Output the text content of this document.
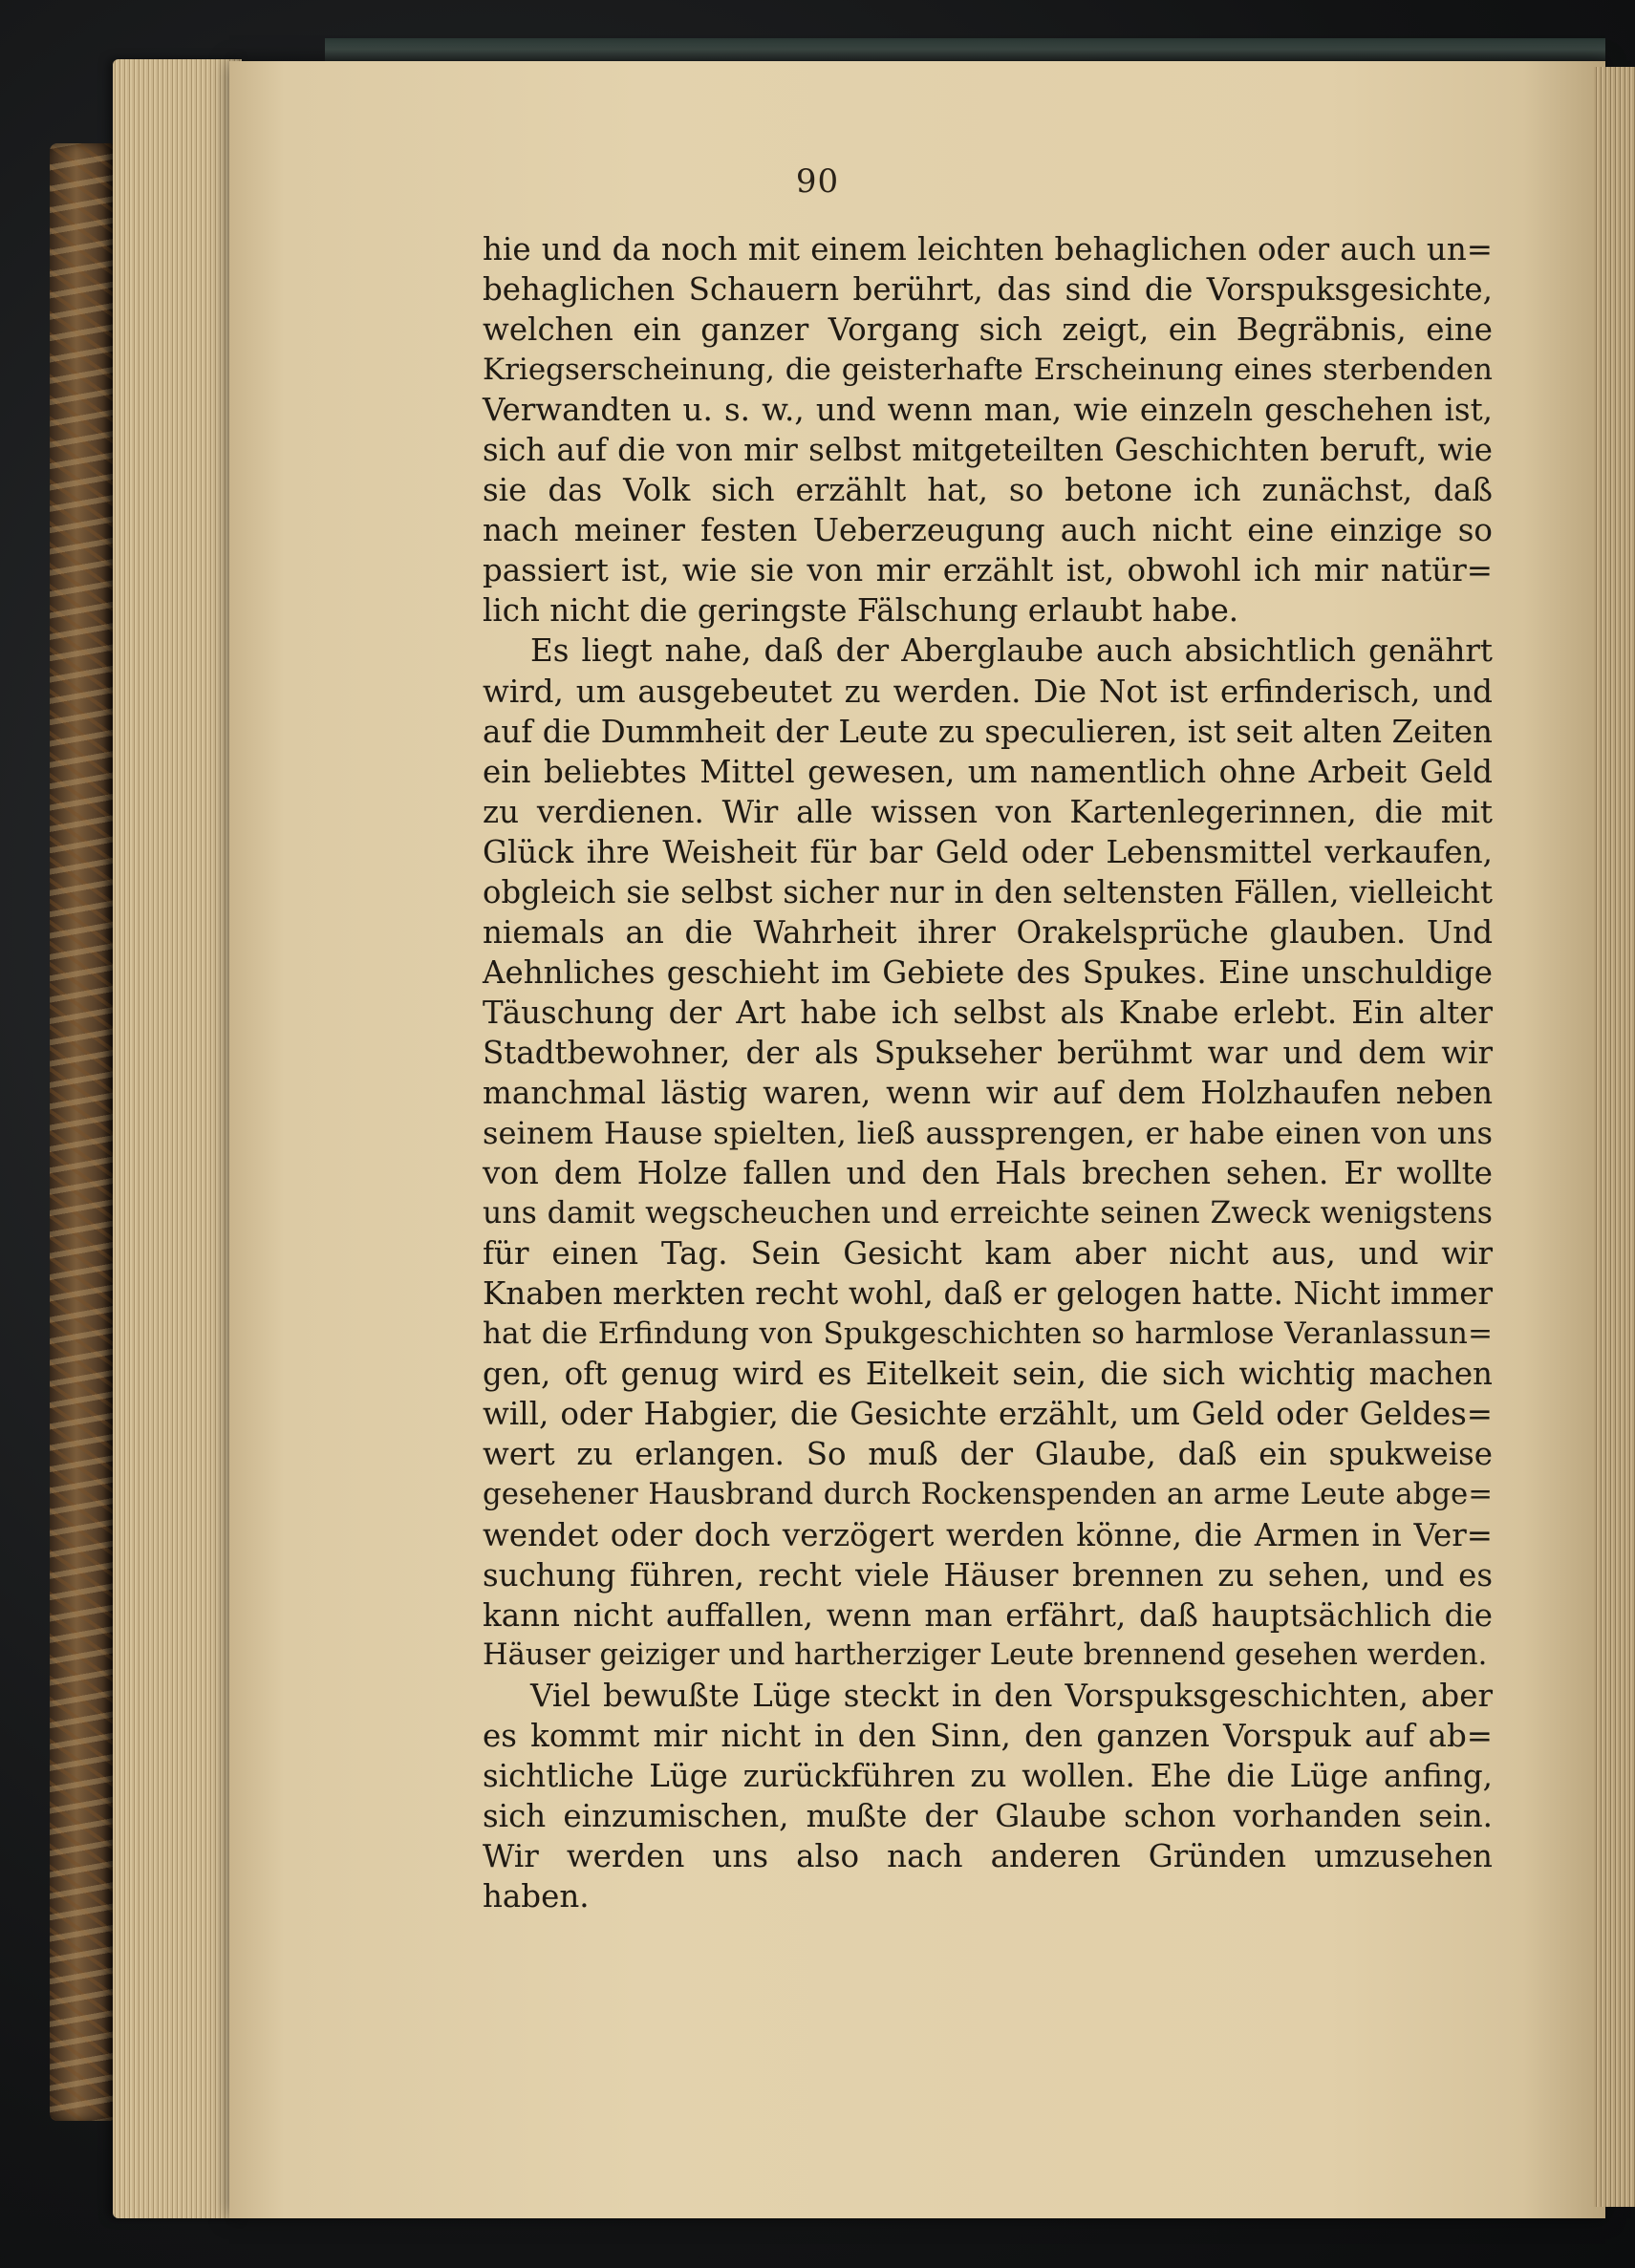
90
hie und da noch mit einem leichten behaglichen oder auch un=
behaglichen Schauern berührt, das sind die Vorspuksgesichte,
welchen ein ganzer Vorgang sich zeigt, ein Begräbnis, eine
Kriegserscheinung, die geisterhafte Erscheinung eines sterbenden
Verwandten u. s. w., und wenn man, wie einzeln geschehen ist,
sich auf die von mir selbst mitgeteilten Geschichten beruft, wie
sie das Volk sich erzählt hat, so betone ich zunächst, daß
nach meiner festen Ueberzeugung auch nicht eine einzige so
passiert ist, wie sie von mir erzählt ist, obwohl ich mir natür=
lich nicht die geringste Fälschung erlaubt habe.
Es liegt nahe, daß der Aberglaube auch absichtlich genährt
wird, um ausgebeutet zu werden. Die Not ist erfinderisch, und
auf die Dummheit der Leute zu speculieren, ist seit alten Zeiten
ein beliebtes Mittel gewesen, um namentlich ohne Arbeit Geld
zu verdienen. Wir alle wissen von Kartenlegerinnen, die mit
Glück ihre Weisheit für bar Geld oder Lebensmittel verkaufen,
obgleich sie selbst sicher nur in den seltensten Fällen, vielleicht
niemals an die Wahrheit ihrer Orakelsprüche glauben. Und
Aehnliches geschieht im Gebiete des Spukes. Eine unschuldige
Täuschung der Art habe ich selbst als Knabe erlebt. Ein alter
Stadtbewohner, der als Spukseher berühmt war und dem wir
manchmal lästig waren, wenn wir auf dem Holzhaufen neben
seinem Hause spielten, ließ aussprengen, er habe einen von uns
von dem Holze fallen und den Hals brechen sehen. Er wollte
uns damit wegscheuchen und erreichte seinen Zweck wenigstens
für einen Tag. Sein Gesicht kam aber nicht aus, und wir
Knaben merkten recht wohl, daß er gelogen hatte. Nicht immer
hat die Erfindung von Spukgeschichten so harmlose Veranlassun=
gen, oft genug wird es Eitelkeit sein, die sich wichtig machen
will, oder Habgier, die Gesichte erzählt, um Geld oder Geldes=
wert zu erlangen. So muß der Glaube, daß ein spukweise
gesehener Hausbrand durch Rockenspenden an arme Leute abge=
wendet oder doch verzögert werden könne, die Armen in Ver=
suchung führen, recht viele Häuser brennen zu sehen, und es
kann nicht auffallen, wenn man erfährt, daß hauptsächlich die
Häuser geiziger und hartherziger Leute brennend gesehen werden.
Viel bewußte Lüge steckt in den Vorspuksgeschichten, aber
es kommt mir nicht in den Sinn, den ganzen Vorspuk auf ab=
sichtliche Lüge zurückführen zu wollen. Ehe die Lüge anfing,
sich einzumischen, mußte der Glaube schon vorhanden sein.
Wir werden uns also nach anderen Gründen umzusehen
haben.
